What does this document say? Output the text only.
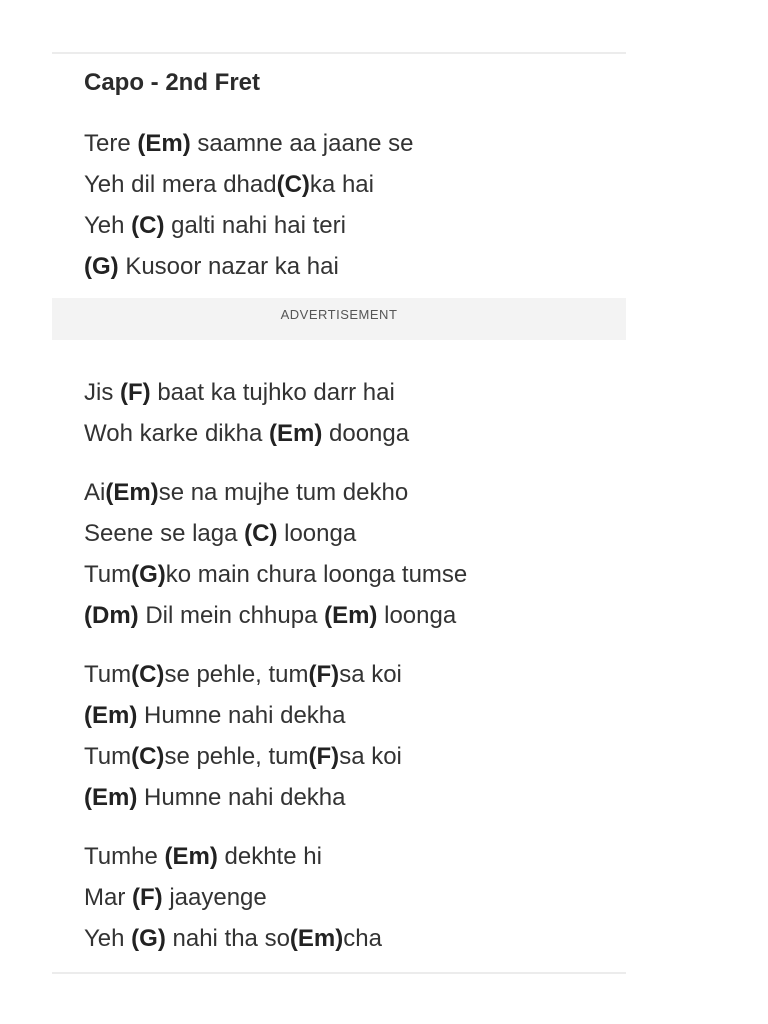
Capo - 2nd Fret
ADVERTISEMENT
Tere (Em) saamne aa jaane se
Yeh dil mera dhad(C)ka hai
Yeh (C) galti nahi hai teri
(G) Kusoor nazar ka hai
Jis (F) baat ka tujhko darr hai
Woh karke dikha (Em) doonga
Ai(Em)se na mujhe tum dekho
Seene se laga (C) loonga
Tum(G)ko main chura loonga tumse
(Dm) Dil mein chhupa (Em) loonga
Tum(C)se pehle, tum(F)sa koi
(Em) Humne nahi dekha
Tum(C)se pehle, tum(F)sa koi
(Em) Humne nahi dekha
Tumhe (Em) dekhte hi
Mar (F) jaayenge
Yeh (G) nahi tha so(Em)cha
